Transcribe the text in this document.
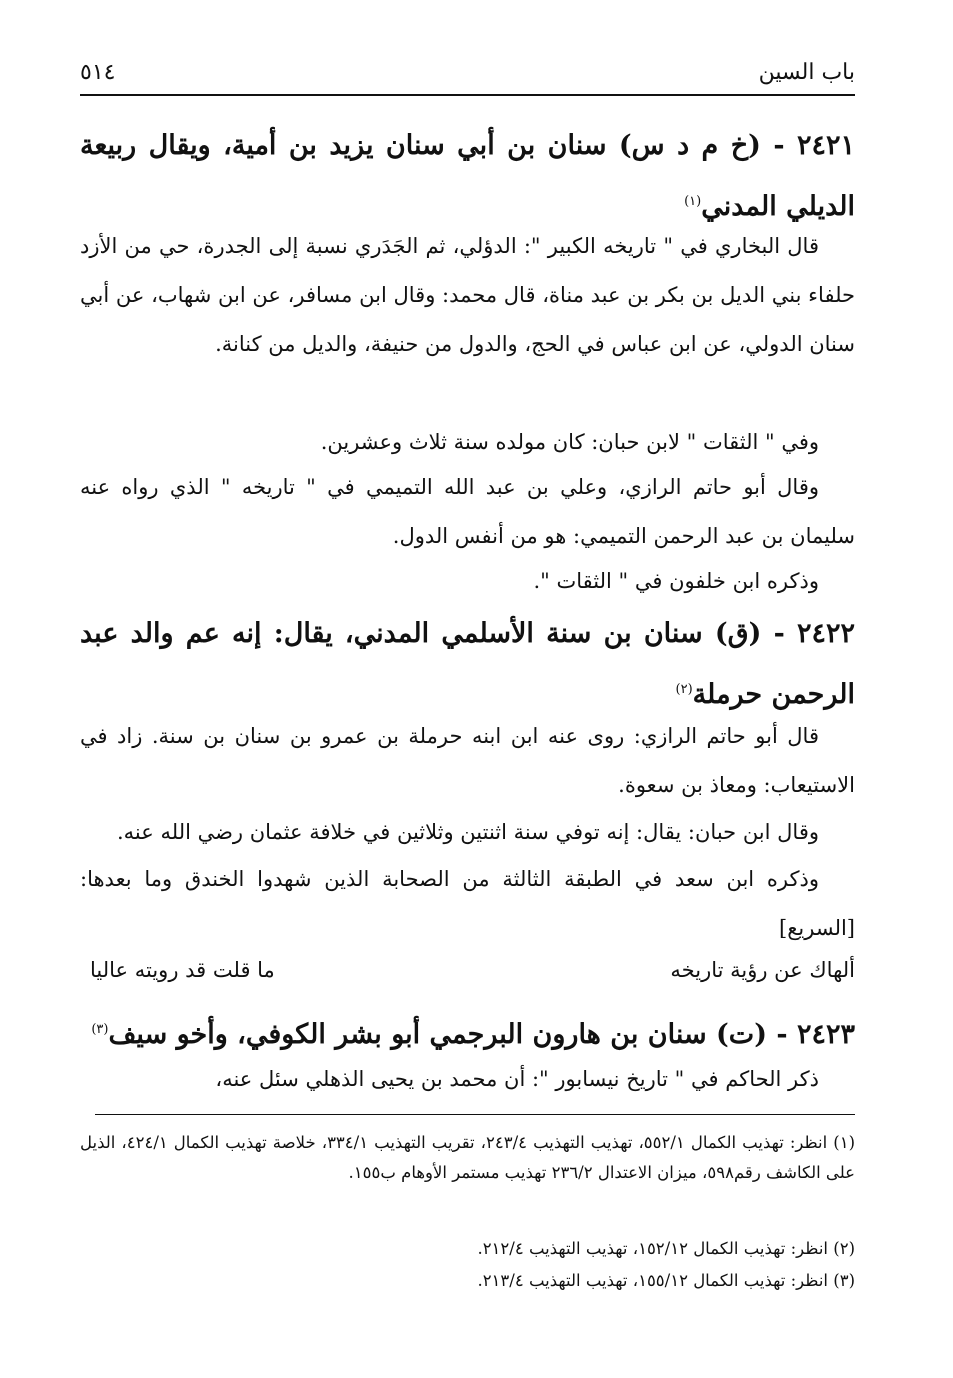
باب السين
٥١٤
٢٤٢١ - (خ م د س) سنان بن أبي سنان يزيد بن أمية، ويقال ربيعة الديلي المدني$^{(١)}$
قال البخاري في " تاريخه الكبير ": الدؤلي، ثم الجَدَري نسبة إلى الجدرة، حي من الأزد حلفاء بني الديل بن بكر بن عبد مناة، قال محمد: وقال ابن مسافر، عن ابن شهاب، عن أبي سنان الدولي، عن ابن عباس في الحج، والدول من حنيفة، والديل من كنانة.
وفي " الثقات " لابن حبان: كان مولده سنة ثلاث وعشرين.
وقال أبو حاتم الرازي، وعلي بن عبد الله التميمي في " تاريخه " الذي رواه عنه سليمان بن عبد الرحمن التميمي: هو من أنفس الدول.
وذكره ابن خلفون في " الثقات ".
٢٤٢٢ - (ق) سنان بن سنة الأسلمي المدني، يقال: إنه عم والد عبد الرحمن حرملة$^{(٢)}$
قال أبو حاتم الرازي: روى عنه ابن ابنه حرملة بن عمرو بن سنان بن سنة. زاد في الاستيعاب: ومعاذ بن سعوة.
وقال ابن حبان: يقال: إنه توفي سنة اثنتين وثلاثين في خلافة عثمان رضي الله عنه.
وذكره ابن سعد في الطبقة الثالثة من الصحابة الذين شهدوا الخندق وما بعدها: [السريع]
ألهاك عن رؤية تاريخه
ما قلت قد رويته عاليا
٢٤٢٣ - (ت) سنان بن هارون البرجمي أبو بشر الكوفي، وأخو سيف$^{(٣)}$
ذكر الحاكم في " تاريخ نيسابور ": أن محمد بن يحيى الذهلي سئل عنه،
(١) انظر: تهذيب الكمال ٥٥٢/١، تهذيب التهذيب ٢٤٣/٤، تقريب التهذيب ٣٣٤/١، خلاصة تهذيب الكمال ٤٢٤/١، الذيل على الكاشف رقم٥٩٨، ميزان الاعتدال ٢٣٦/٢ تهذيب مستمر الأوهام ب١٥٥.
(٢) انظر: تهذيب الكمال ١٥٢/١٢، تهذيب التهذيب ٢١٢/٤.
(٣) انظر: تهذيب الكمال ١٥٥/١٢، تهذيب التهذيب ٢١٣/٤.
